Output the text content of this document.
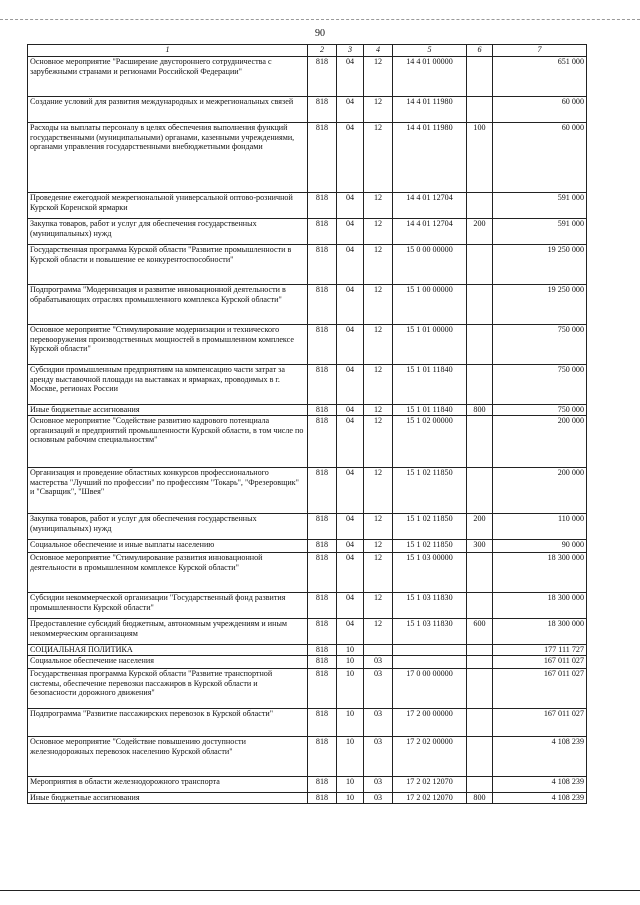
90
1	2	3	4	5	6	7
Основное мероприятие "Расширение двустороннего сотрудничества с зарубежными странами и регионами Российской Федерации"	818	04	12	14 4 01 00000		651 000
Создание условий для развития международных и межрегиональных связей	818	04	12	14 4 01 11980		60 000
Расходы на выплаты персоналу в целях обеспечения выполнения функций государственными (муниципальными) органами, казенными учреждениями, органами управления государственными внебюджетными фондами	818	04	12	14 4 01 11980	100	60 000
Проведение ежегодной межрегиональной универсальной оптово-розничной Курской Коренской ярмарки	818	04	12	14 4 01 12704		591 000
Закупка товаров, работ и услуг для обеспечения государственных (муниципальных) нужд	818	04	12	14 4 01 12704	200	591 000
Государственная программа Курской области "Развитие промышленности в Курской области и повышение ее конкурентоспособности"	818	04	12	15 0 00 00000		19 250 000
Подпрограмма "Модернизация и развитие инновационной деятельности в обрабатывающих отраслях промышленного комплекса Курской области"	818	04	12	15 1 00 00000		19 250 000
Основное мероприятие "Стимулирование модернизации и технического перевооружения производственных мощностей в промышленном комплексе Курской области"	818	04	12	15 1 01 00000		750 000
Субсидии промышленным предприятиям на компенсацию части затрат за аренду выставочной площади на выставках и ярмарках, проводимых в г. Москве, регионах России	818	04	12	15 1 01 11840		750 000
Иные бюджетные ассигнования	818	04	12	15 1 01 11840	800	750 000
Основное мероприятие "Содействие развитию кадрового потенциала организаций и предприятий промышленности Курской области, в том числе по основным рабочим специальностям"	818	04	12	15 1 02 00000		200 000
Организация и проведение областных конкурсов профессионального мастерства "Лучший по профессии" по профессиям "Токарь", "Фрезеровщик" и "Сварщик", "Швея"	818	04	12	15 1 02 11850		200 000
Закупка товаров, работ и услуг для обеспечения государственных (муниципальных) нужд	818	04	12	15 1 02 11850	200	110 000
Социальное обеспечение и иные выплаты населению	818	04	12	15 1 02 11850	300	90 000
Основное мероприятие "Стимулирование развития инновационной деятельности в промышленном комплексе Курской области"	818	04	12	15 1 03 00000		18 300 000
Субсидии некоммерческой организации "Государственный фонд развития промышленности Курской области"	818	04	12	15 1 03 11830		18 300 000
Предоставление субсидий бюджетным, автономным учреждениям и иным некоммерческим организациям	818	04	12	15 1 03 11830	600	18 300 000
СОЦИАЛЬНАЯ ПОЛИТИКА	818	10				177 111 727
Социальное обеспечение населения	818	10	03			167 011 027
Государственная программа Курской области "Развитие транспортной системы, обеспечение перевозки пассажиров в Курской области и безопасности дорожного движения"	818	10	03	17 0 00 00000		167 011 027
Подпрограмма "Развитие пассажирских перевозок в Курской области"	818	10	03	17 2 00 00000		167 011 027
Основное мероприятие "Содействие повышению доступности железнодорожных перевозок населению Курской области"	818	10	03	17 2 02 00000		4 108 239
Мероприятия в области железнодорожного транспорта	818	10	03	17 2 02 12070		4 108 239
Иные бюджетные ассигнования	818	10	03	17 2 02 12070	800	4 108 239
